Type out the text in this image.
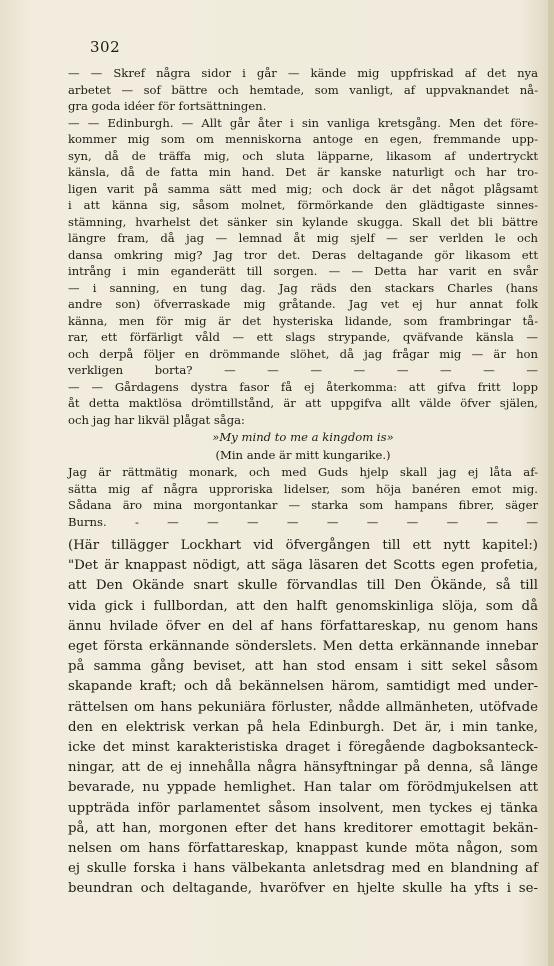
302
— — Skref några sidor i går — kände mig uppfriskad af det nya
arbetet — sof bättre och hemtade, som vanligt, af uppvaknandet nå-
gra goda idéer för fortsättningen.
— — Edinburgh. — Allt går åter i sin vanliga kretsgång. Men det före-
kommer mig som om menniskorna antoge en egen, fremmande upp-
syn, då de träffa mig, och sluta läpparne, likasom af undertryckt
känsla, då de fatta min hand. Det är kanske naturligt och har tro-
ligen varit på samma sätt med mig; och dock är det något plågsamt
i att känna sig, såsom molnet, förmörkande den glädtigaste sinnes-
stämning, hvarhelst det sänker sin kylande skugga. Skall det bli bättre
längre fram, då jag — lemnad åt mig sjelf — ser verlden le och
dansa omkring mig? Jag tror det. Deras deltagande gör likasom ett
intrång i min eganderätt till sorgen. — — Detta har varit en svår
— i sanning, en tung dag. Jag räds den stackars Charles (hans
andre son) öfverraskade mig gråtande. Jag vet ej hur annat folk
känna, men för mig är det hysteriska lidande, som frambringar tå-
rar, ett förfärligt våld — ett slags strypande, qväfvande känsla —
och derpå följer en drömmande slöhet, då jag frågar mig — är hon
verkligen borta? — — — — — — — —
— — Gårdagens dystra fasor få ej återkomma: att gifva fritt lopp
åt detta maktlösa drömtillstånd, är att uppgifva allt välde öfver själen,
och jag har likväl plågat såga:
»My mind to me a kingdom is»
(Min ande är mitt kungarike.)
Jag är rättmätig monark, och med Guds hjelp skall jag ej låta af-
sätta mig af några upproriska lidelser, som höja banéren emot mig.
Sådana äro mina morgontankar — starka som hampans fibrer, säger
Burns. - — — — — — — — — — —
(Här tillägger Lockhart vid öfvergången till ett nytt kapitel:)
"Det är knappast nödigt, att säga läsaren det Scotts egen profetia,
att Den Okände snart skulle förvandlas till Den Ökände, så till
vida gick i fullbordan, att den halft genomskinliga slöja, som då
ännu hvilade öfver en del af hans författareskap, nu genom hans
eget första erkännande sönderslets. Men detta erkännande innebar
på samma gång beviset, att han stod ensam i sitt sekel såsom
skapande kraft; och då bekännelsen härom, samtidigt med under-
rättelsen om hans pekuniära förluster, nådde allmänheten, utöfvade
den en elektrisk verkan på hela Edinburgh. Det är, i min tanke,
icke det minst karakteristiska draget i föregående dagboksanteck-
ningar, att de ej innehålla några hänsyftningar på denna, så länge
bevarade, nu yppade hemlighet. Han talar om förödmjukelsen att
uppträda inför parlamentet såsom insolvent, men tyckes ej tänka
på, att han, morgonen efter det hans kreditorer emottagit bekän-
nelsen om hans författareskap, knappast kunde möta någon, som
ej skulle forska i hans välbekanta anletsdrag med en blandning af
beundran och deltagande, hvaröfver en hjelte skulle ha yfts i se-
